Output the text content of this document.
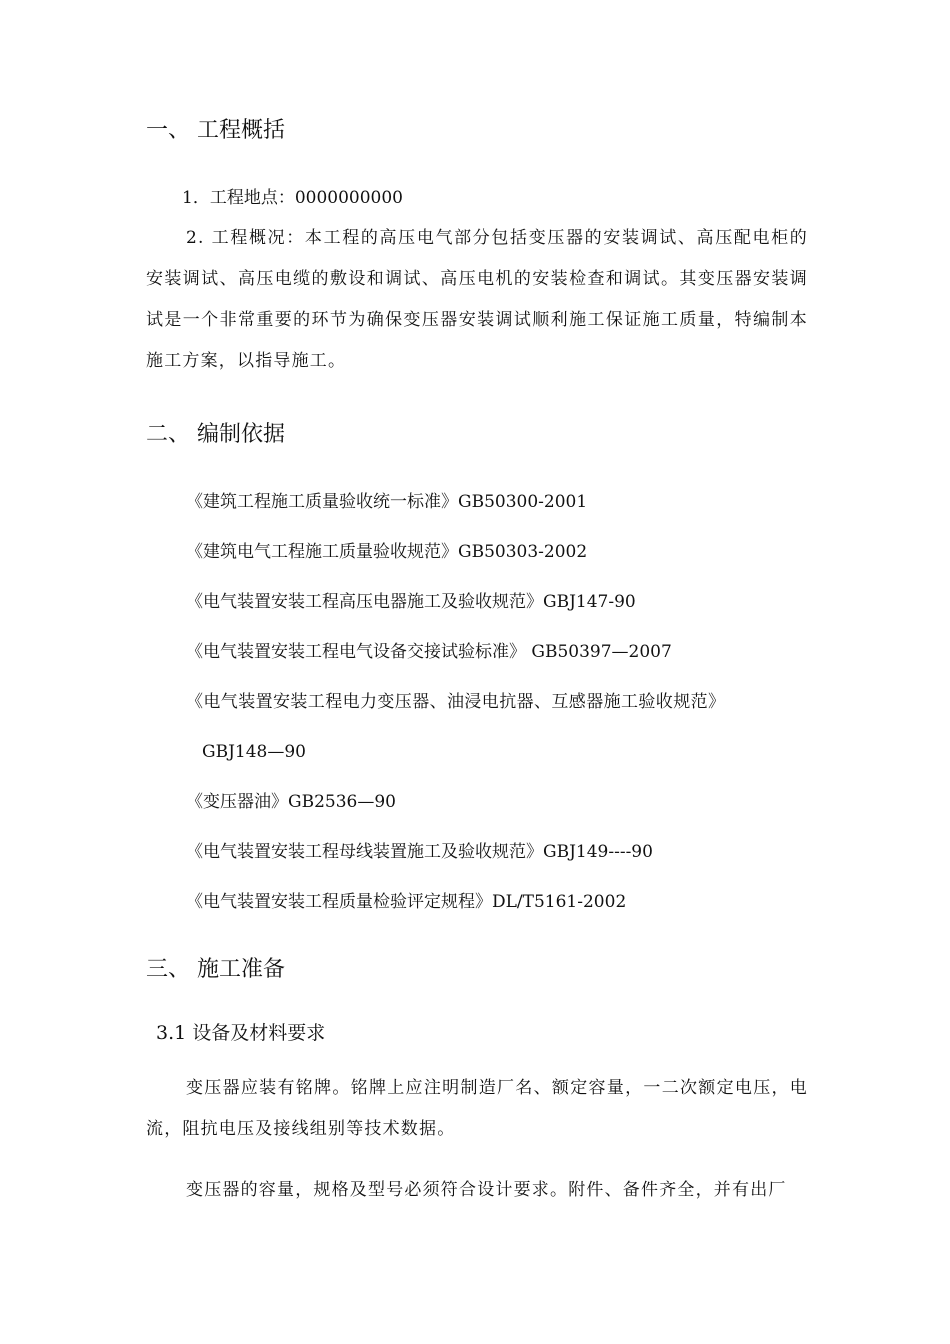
一、 工程概括
1．工程地点：0000000000
2. 工程概况：本工程的高压电气部分包括变压器的安装调试、高压配电柜的安装调试、高压电缆的敷设和调试、高压电机的安装检查和调试。其变压器安装调试是一个非常重要的环节为确保变压器安装调试顺利施工保证施工质量，特编制本施工方案，以指导施工。
二、 编制依据
《建筑工程施工质量验收统一标准》GB50300-2001
《建筑电气工程施工质量验收规范》GB50303-2002
《电气装置安装工程高压电器施工及验收规范》GBJ147-90
《电气装置安装工程电气设备交接试验标准》 GB50397—2007
《电气装置安装工程电力变压器、油浸电抗器、互感器施工验收规范》
GBJ148—90
《变压器油》GB2536—90
《电气装置安装工程母线装置施工及验收规范》GBJ149----90
《电气装置安装工程质量检验评定规程》DL/T5161-2002
三、 施工准备
3.1 设备及材料要求
变压器应装有铭牌。铭牌上应注明制造厂名、额定容量，一二次额定电压，电流，阻抗电压及接线组别等技术数据。
变压器的容量，规格及型号必须符合设计要求。附件、备件齐全，并有出厂
